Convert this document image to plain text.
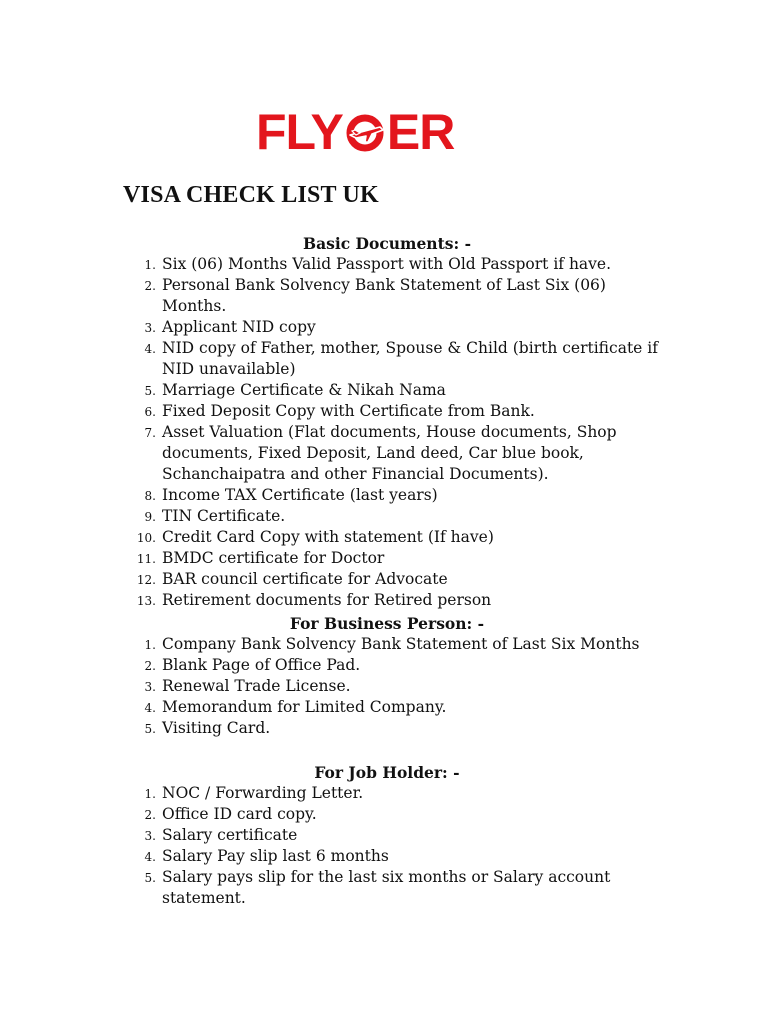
FLY ER
VISA CHECK LIST UK
Basic Documents: -
1. Six (06) Months Valid Passport with Old Passport if have.
2. Personal Bank Solvency Bank Statement of Last Six (06) Months.
3. Applicant NID copy
4. NID copy of Father, mother, Spouse & Child (birth certificate if NID unavailable)
5. Marriage Certificate & Nikah Nama
6. Fixed Deposit Copy with Certificate from Bank.
7. Asset Valuation (Flat documents, House documents, Shop documents, Fixed Deposit, Land deed, Car blue book, Schanchaipatra and other Financial Documents).
8. Income TAX Certificate (last years)
9. TIN Certificate.
10. Credit Card Copy with statement (If have)
11. BMDC certificate for Doctor
12. BAR council certificate for Advocate
13. Retirement documents for Retired person
For Business Person: -
1. Company Bank Solvency Bank Statement of Last Six Months
2. Blank Page of Office Pad.
3. Renewal Trade License.
4. Memorandum for Limited Company.
5. Visiting Card.
For Job Holder: -
1. NOC / Forwarding Letter.
2. Office ID card copy.
3. Salary certificate
4. Salary Pay slip last 6 months
5. Salary pays slip for the last six months or Salary account statement.
